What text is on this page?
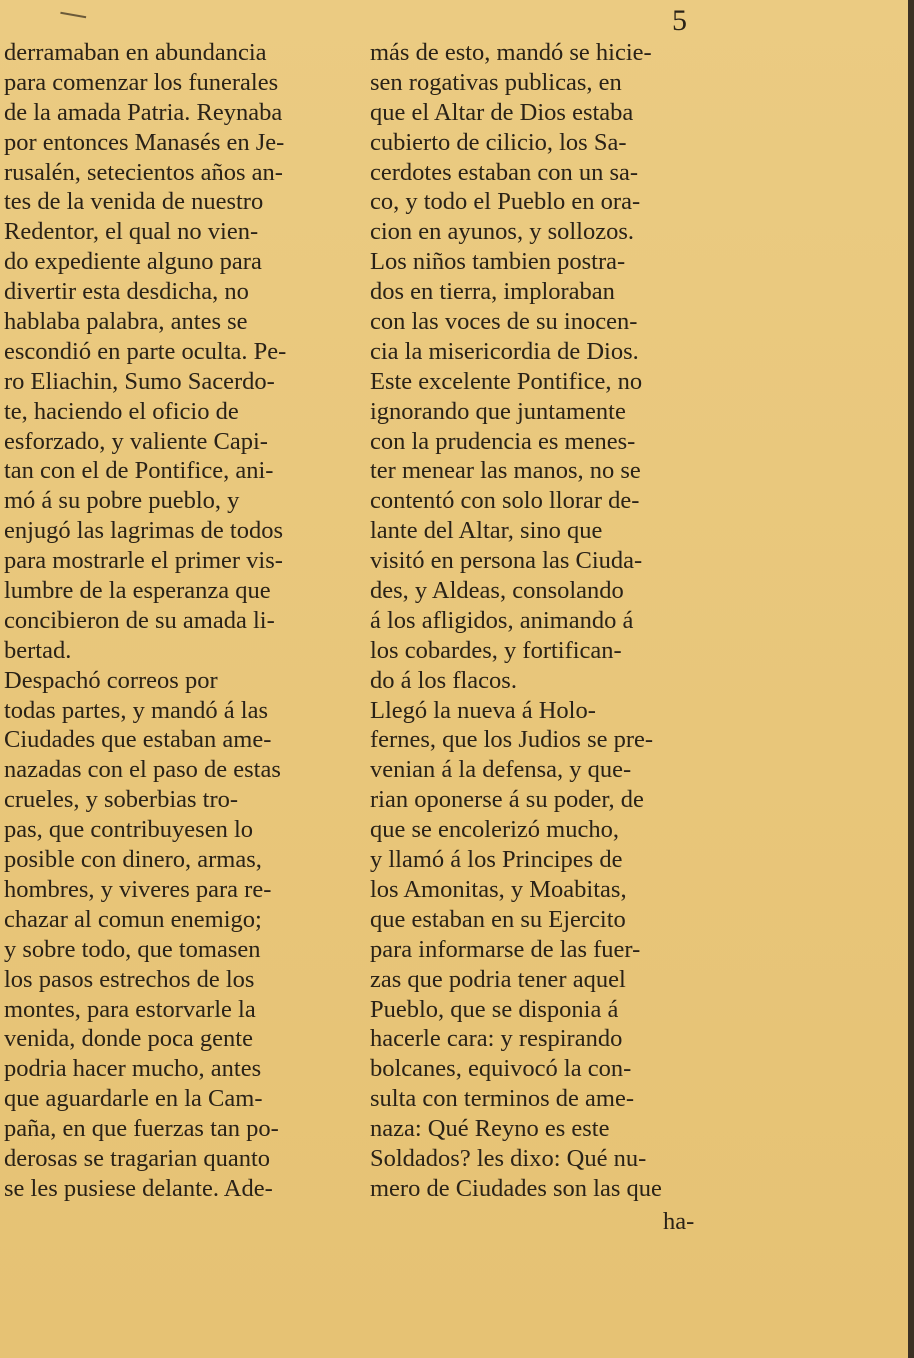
5
derramaban en abundancia
para comenzar los funerales
de la amada Patria. Reynaba
por entonces Manasés en Je-
rusalén, setecientos años an-
tes de la venida de nuestro
Redentor, el qual no vien-
do expediente alguno para
divertir esta desdicha, no
hablaba palabra, antes se
escondió en parte oculta. Pe-
ro Eliachin, Sumo Sacerdo-
te, haciendo el oficio de
esforzado, y valiente Capi-
tan con el de Pontifice, ani-
mó á su pobre pueblo, y
enjugó las lagrimas de todos
para mostrarle el primer vis-
lumbre de la esperanza que
concibieron de su amada li-
bertad.
Despachó correos por
todas partes, y mandó á las
Ciudades que estaban ame-
nazadas con el paso de estas
crueles, y soberbias tro-
pas, que contribuyesen lo
posible con dinero, armas,
hombres, y viveres para re-
chazar al comun enemigo;
y sobre todo, que tomasen
los pasos estrechos de los
montes, para estorvarle la
venida, donde poca gente
podria hacer mucho, antes
que aguardarle en la Cam-
paña, en que fuerzas tan po-
derosas se tragarian quanto
se les pusiese delante. Ade-
más de esto, mandó se hicie-
sen rogativas publicas, en
que el Altar de Dios estaba
cubierto de cilicio, los Sa-
cerdotes estaban con un sa-
co, y todo el Pueblo en ora-
cion en ayunos, y sollozos.
Los niños tambien postra-
dos en tierra, imploraban
con las voces de su inocen-
cia la misericordia de Dios.
Este excelente Pontifice, no
ignorando que juntamente
con la prudencia es menes-
ter menear las manos, no se
contentó con solo llorar de-
lante del Altar, sino que
visitó en persona las Ciuda-
des, y Aldeas, consolando
á los afligidos, animando á
los cobardes, y fortifican-
do á los flacos.
Llegó la nueva á Holo-
fernes, que los Judios se pre-
venian á la defensa, y que-
rian oponerse á su poder, de
que se encolerizó mucho,
y llamó á los Principes de
los Amonitas, y Moabitas,
que estaban en su Ejercito
para informarse de las fuer-
zas que podria tener aquel
Pueblo, que se disponia á
hacerle cara: y respirando
bolcanes, equivocó la con-
sulta con terminos de ame-
naza: Qué Reyno es este
Soldados? les dixo: Qué nu-
mero de Ciudades son las que
ha-
